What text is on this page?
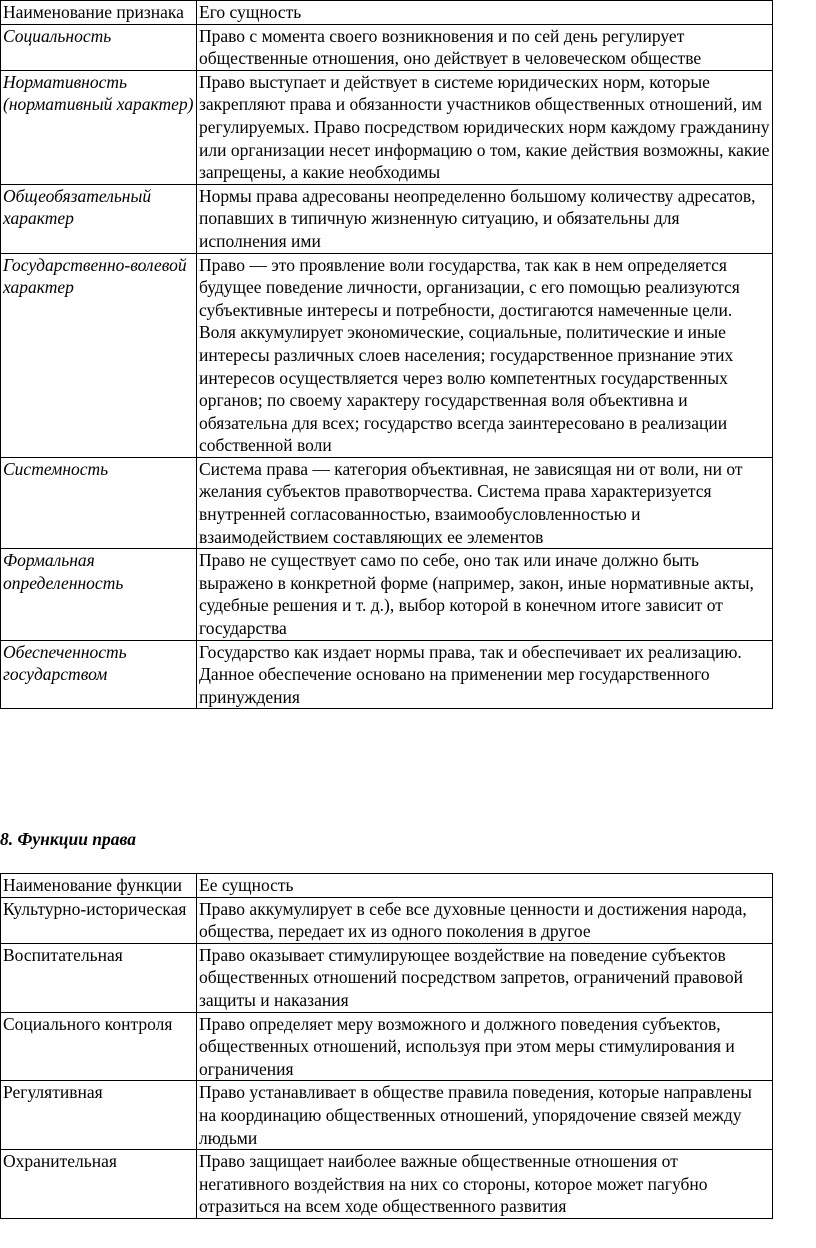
Наименование признака	Его сущность
Социальность	Право с момента своего возникновения и по сей день регулирует общественные отношения, оно действует в человеческом обществе
Нормативность (нормативный характер)	Право выступает и действует в системе юридических норм, которые закрепляют права и обязанности участников общественных отношений, им регулируемых. Право посредством юридических норм каждому гражданину или организации несет информацию о том, какие действия возможны, какие запрещены, а какие необходимы
Общеобязательный характер	Нормы права адресованы неопределенно большому количеству адресатов, попавших в типичную жизненную ситуацию, и обязательны для исполнения ими
Государственно-волевой характер	Право — это проявление воли государства, так как в нем определяется будущее поведение личности, организации, с его помощью реализуются субъективные интересы и потребности, достигаются намеченные цели. Воля аккумулирует экономические, социальные, политические и иные интересы различных слоев населения; государственное признание этих интересов осуществляется через волю компетентных государственных органов; по своему характеру государственная воля объективна и обязательна для всех; государство всегда заинтересовано в реализации собственной воли
Системность	Система права — категория объективная, не зависящая ни от воли, ни от желания субъектов правотворчества. Система права характеризуется внутренней согласованностью, взаимообусловленностью и взаимодействием составляющих ее элементов
Формальная определенность	Право не существует само по себе, оно так или иначе должно быть выражено в конкретной форме (например, закон, иные нормативные акты, судебные решения и т. д.), выбор которой в конечном итоге зависит от государства
Обеспеченность государством	Государство как издает нормы права, так и обеспечивает их реализацию. Данное обеспечение основано на применении мер государственного принуждения

8. Функции права

Наименование функции	Ее сущность
Культурно-историческая	Право аккумулирует в себе все духовные ценности и достижения народа, общества, передает их из одного поколения в другое
Воспитательная	Право оказывает стимулирующее воздействие на поведение субъектов общественных отношений посредством запретов, ограничений правовой защиты и наказания
Социального контроля	Право определяет меру возможного и должного поведения субъектов, общественных отношений, используя при этом меры стимулирования и ограничения
Регулятивная	Право устанавливает в обществе правила поведения, которые направлены на координацию общественных отношений, упорядочение связей между людьми
Охранительная	Право защищает наиболее важные общественные отношения от негативного воздействия на них со стороны, которое может пагубно отразиться на всем ходе общественного развития
